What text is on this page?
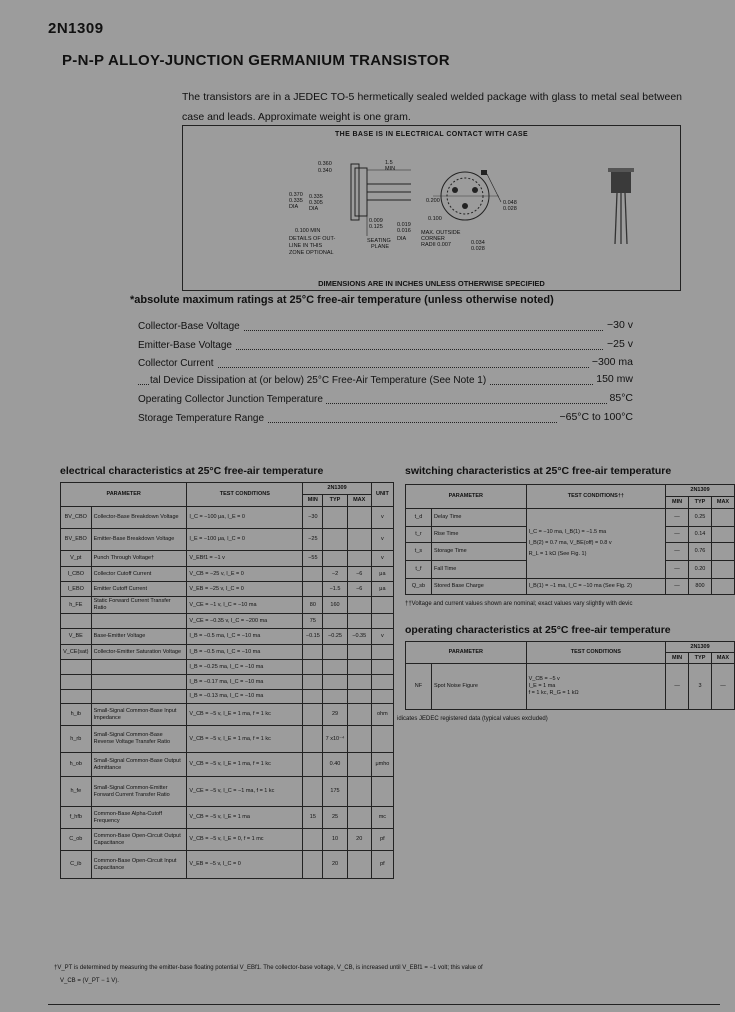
2N1309
P-N-P ALLOY-JUNCTION GERMANIUM TRANSISTOR
The transistors are in a JEDEC TO-5 hermetically sealed welded package with glass to metal seal between case and leads. Approximate weight is one gram.
THE BASE IS IN ELECTRICAL CONTACT WITH CASE
0.360
0.340
0.370
0.335
DIA
0.335
0.305
DIA
1.5
MIN
0.200
0.100
0.048
0.028
0.009
0.125	0.019
0.016
DIA
0.100 MIN
DETAILS OF OUT-
LINE IN THIS
ZONE OPTIONAL
SEATING
PLANE
MAX. OUTSIDE
CORNER
RADII 0.007	0.034
0.028
DIMENSIONS ARE IN INCHES UNLESS OTHERWISE SPECIFIED
*absolute maximum ratings at 25°C free-air temperature (unless otherwise noted)
Collector-Base Voltage	−30 v
Emitter-Base Voltage	−25 v
Collector Current	−300 ma
tal Device Dissipation at (or below) 25°C Free-Air Temperature (See Note 1)	150 mw
Operating Collector Junction Temperature	85°C
Storage Temperature Range	−65°C to 100°C
electrical characteristics at 25°C free-air temperature
PARAMETER		TEST CONDITIONS	2N1309			UNIT
			MIN	TYP	MAX	
BV_CBO	Collector-Base Breakdown Voltage	I_C = −100 μa, I_E = 0	−30			v
BV_EBO	Emitter-Base Breakdown Voltage	I_E = −100 μa, I_C = 0	−25			v
V_pt	Punch Through Voltage†	V_EBf1 = −1 v	−55			v
I_CBO	Collector Cutoff Current	V_CB = −25 v, I_E = 0		−2	−6	μa
I_EBO	Emitter Cutoff Current	V_EB = −25 v, I_C = 0		−1.5	−6	μa
h_FE	Static Forward Current Transfer Ratio	V_CE = −1 v, I_C = −10 ma	80	160		
		V_CE = −0.35 v, I_C = −200 ma	75			
V_BE	Base-Emitter Voltage	I_B = −0.5 ma, I_C = −10 ma	−0.15	−0.25	−0.35	v
V_CE(sat)	Collector-Emitter Saturation Voltage	I_B = −0.5 ma, I_C = −10 ma				
		I_B = −0.25 ma, I_C = −10 ma				
		I_B = −0.17 ma, I_C = −10 ma				
		I_B = −0.13 ma, I_C = −10 ma				
h_ib	Small-Signal Common-Base Input Impedance	V_CB = −5 v, I_E = 1 ma, f = 1 kc		29		ohm
h_rb	Small-Signal Common-Base Reverse Voltage Transfer Ratio	V_CB = −5 v, I_E = 1 ma, f = 1 kc		7 x10⁻⁴		
h_ob	Small-Signal Common-Base Output Admittance	V_CB = −5 v, I_E = 1 ma, f = 1 kc		0.40		μmho
h_fe	Small-Signal Common-Emitter Forward Current Transfer Ratio	V_CE = −5 v, I_C = −1 ma, f = 1 kc		175		
f_hfb	Common-Base Alpha-Cutoff Frequency	V_CB = −5 v, I_E = 1 ma	15	25		mc
C_ob	Common-Base Open-Circuit Output Capacitance	V_CB = −5 v, I_E = 0, f = 1 mc		10	20	pf
C_ib	Common-Base Open-Circuit Input Capacitance	V_EB = −5 v, I_C = 0		20		pf
switching characteristics at 25°C free-air temperature
PARAMETER		TEST CONDITIONS††	2N1309		
			MIN	TYP	MAX
t_d	Delay Time	I_C = −10 ma, I_B(1) = −1.5 ma
I_B(2) = 0.7 ma, V_BE(off) = 0.8 v
R_L = 1 kΩ (See Fig. 1)	—	0.25	
t_r	Rise Time		—	0.14	
t_s	Storage Time		—	0.76	
t_f	Fall Time		—	0.20	
Q_sb	Stored Base Charge	I_B(1) = −1 ma, I_C = −10 ma (See Fig. 2)	—	800	
††Voltage and current values shown are nominal; exact values vary slightly with devic
operating characteristics at 25°C free-air temperature
PARAMETER		TEST CONDITIONS	2N1309		
			MIN	TYP	MAX
NF	Spot Noise Figure	V_CB = −5 v
I_E = 1 ma
f = 1 kc, R_G = 1 kΩ	—	3	—
idicates JEDEC registered data (typical values excluded)
†V_PT is determined by measuring the emitter-base floating potential V_EBf1. The collector-base voltage, V_CB, is increased until V_EBf1 = −1 volt; this value of
V_CB = (V_PT − 1 V).
